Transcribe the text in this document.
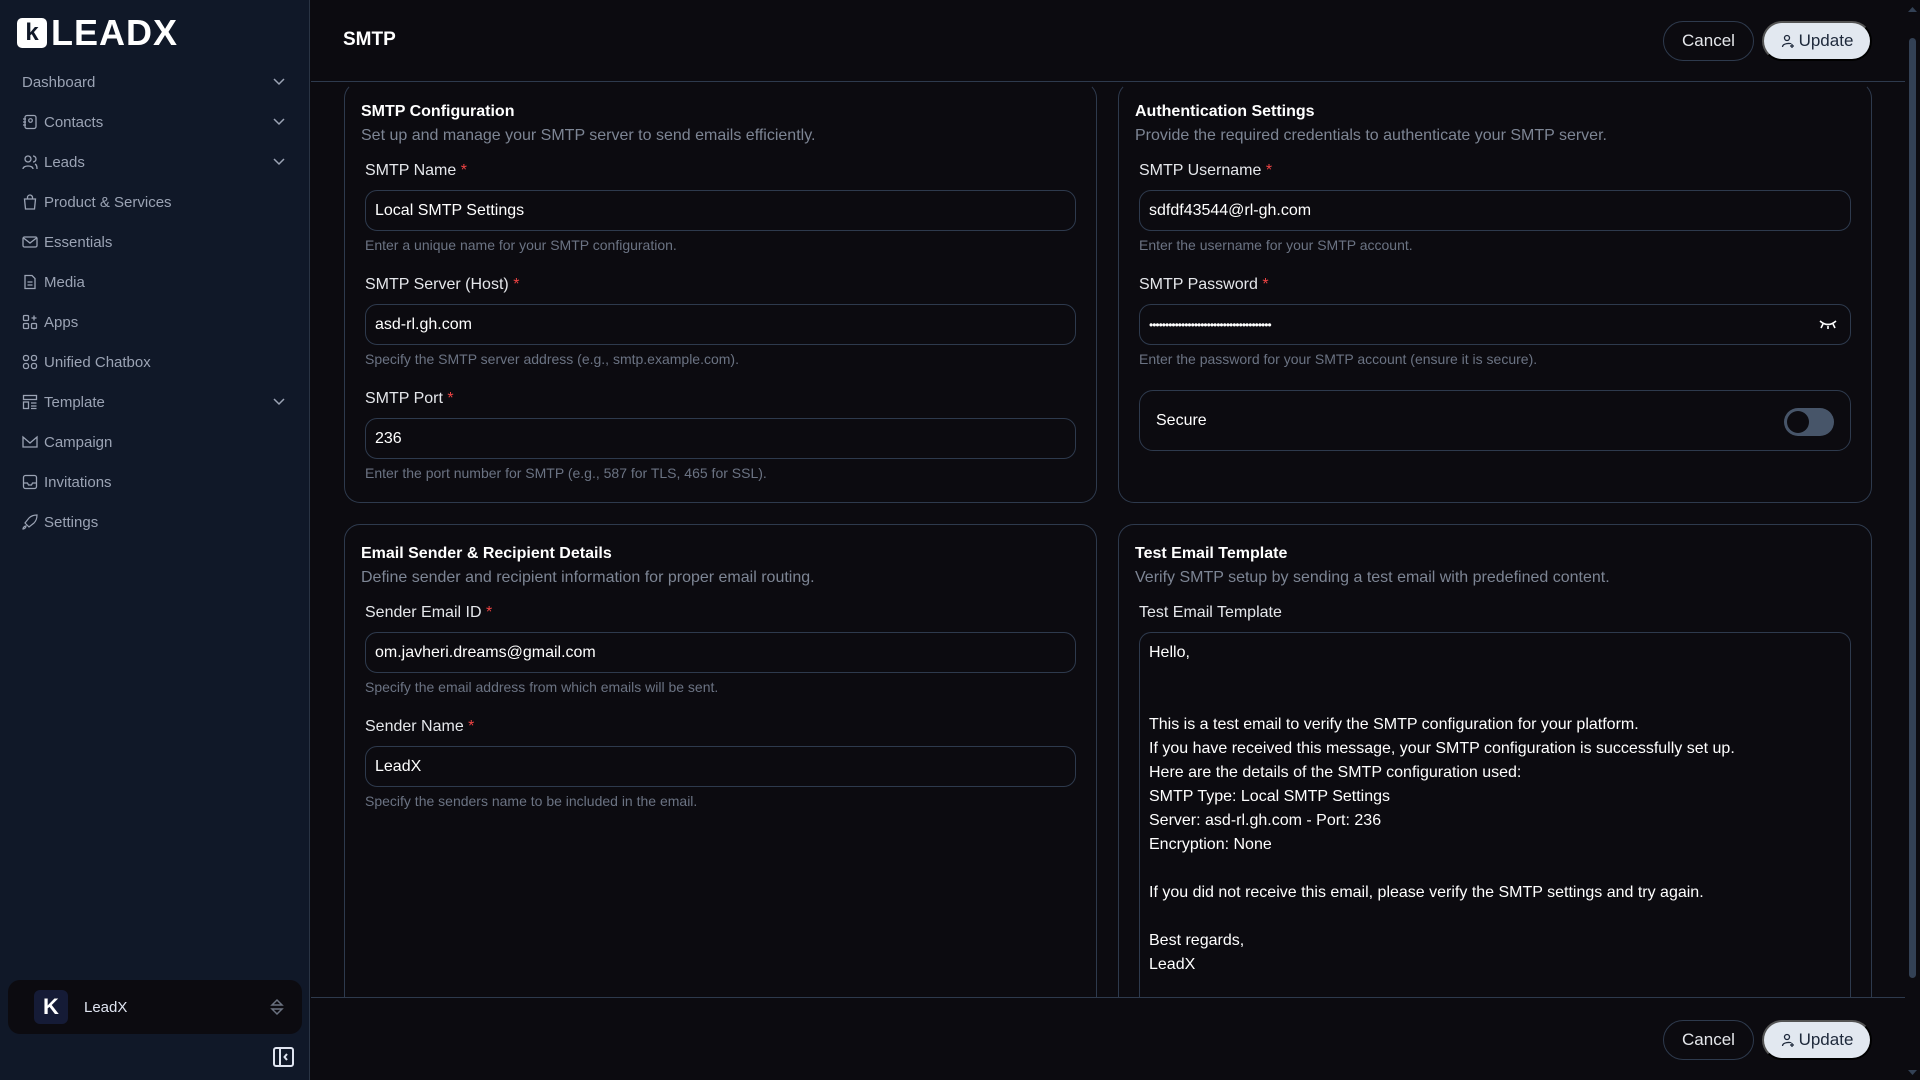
k LEADX
Dashboard
Contacts
Leads
Product & Services
Essentials
Media
Apps
Unified Chatbox
Template
Campaign
Invitations
Settings
K	LeadX
SMTP	Cancel	Update
SMTP Configuration
Set up and manage your SMTP server to send emails efficiently.
SMTP Name *
Local SMTP Settings
Enter a unique name for your SMTP configuration.
SMTP Server (Host) *
asd-rl.gh.com
Specify the SMTP server address (e.g., smtp.example.com).
SMTP Port *
236
Enter the port number for SMTP (e.g., 587 for TLS, 465 for SSL).
Authentication Settings
Provide the required credentials to authenticate your SMTP server.
SMTP Username *
sdfdf43544@rl-gh.com
Enter the username for your SMTP account.
SMTP Password *
••••••••••••••••••••••••••••••••••••••
Enter the password for your SMTP account (ensure it is secure).
Secure
Email Sender & Recipient Details
Define sender and recipient information for proper email routing.
Sender Email ID *
om.javheri.dreams@gmail.com
Specify the email address from which emails will be sent.
Sender Name *
LeadX
Specify the senders name to be included in the email.
Test Email Template
Verify SMTP setup by sending a test email with predefined content.
Test Email Template
Hello,

This is a test email to verify the SMTP configuration for your platform.
If you have received this message, your SMTP configuration is successfully set up.
Here are the details of the SMTP configuration used:
SMTP Type: Local SMTP Settings
Server: asd-rl.gh.com - Port: 236
Encryption: None

If you did not receive this email, please verify the SMTP settings and try again.

Best regards,
LeadX
Cancel	Update
